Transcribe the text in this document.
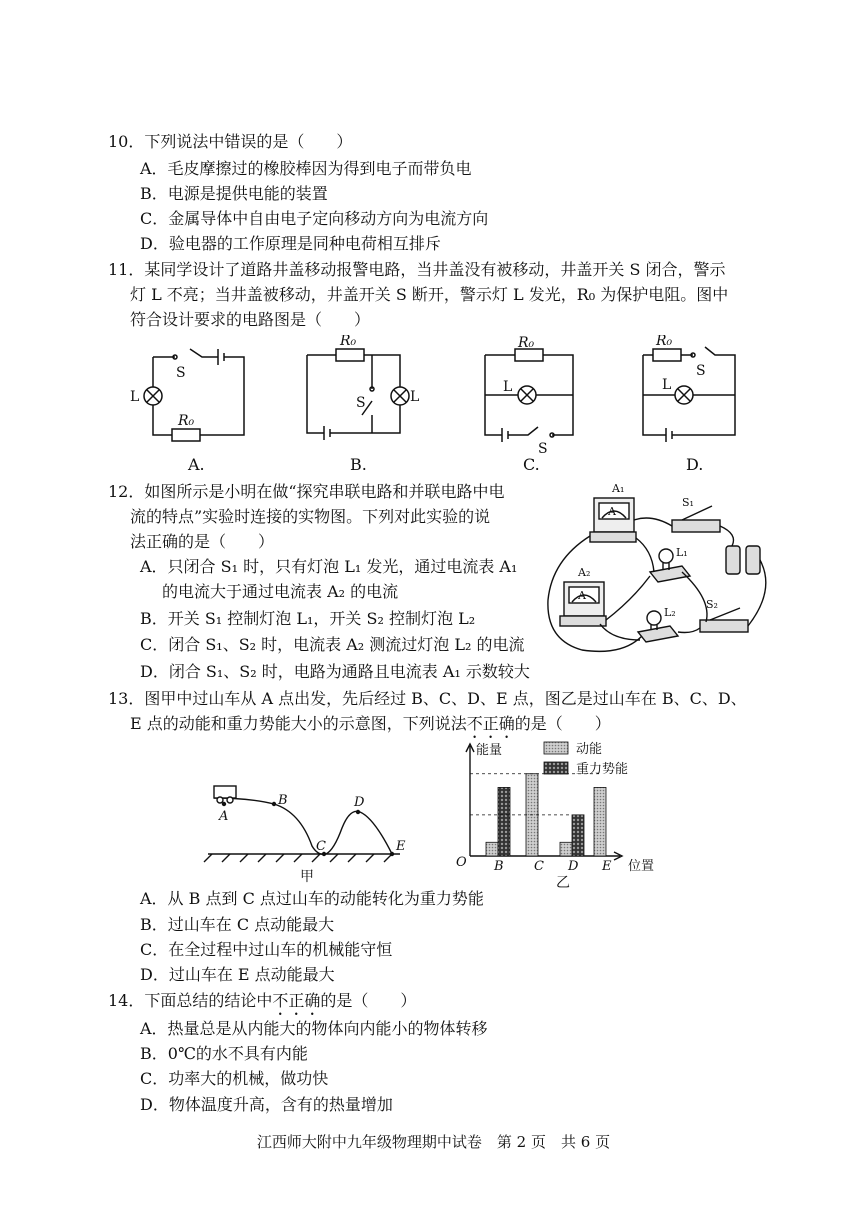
10．下列说法中错误的是（　　）
A．毛皮摩擦过的橡胶棒因为得到电子而带负电
B．电源是提供电能的装置
C．金属导体中自由电子定向移动方向为电流方向
D．验电器的工作原理是同种电荷相互排斥
11．某同学设计了道路井盖移动报警电路，当井盖没有被移动，井盖开关 S 闭合，警示
灯 L 不亮；当井盖被移动，井盖开关 S 断开，警示灯 L 发光，R₀ 为保护电阻。图中
符合设计要求的电路图是（　　）
L
S
R₀
R₀
S	L
R₀
L
S
R₀
S
L
A.	B.	C.	D.
12．如图所示是小明在做“探究串联电路和并联电路中电
流的特点”实验时连接的实物图。下列对此实验的说
法正确的是（　　）
A．只闭合 S₁ 时，只有灯泡 L₁ 发光，通过电流表 A₁
的电流大于通过电流表 A₂ 的电流
B．开关 S₁ 控制灯泡 L₁，开关 S₂ 控制灯泡 L₂
C．闭合 S₁、S₂ 时，电流表 A₂ 测流过灯泡 L₂ 的电流
D．闭合 S₁、S₂ 时，电路为通路且电流表 A₁ 示数较大
A
A
A₁
A₂
S₁
L₁
L₂
S₂
13．图甲中过山车从 A 点出发，先后经过 B、C、D、E 点，图乙是过山车在 B、C、D、
E 点的动能和重力势能大小的示意图，下列说法不正确的是（　　）
A
B
C
D
E
甲
能量
位置
O
动能
重力势能
B C D E
乙
A．从 B 点到 C 点过山车的动能转化为重力势能
B．过山车在 C 点动能最大
C．在全过程中过山车的机械能守恒
D．过山车在 E 点动能最大
14．下面总结的结论中不正确的是（　　）
A．热量总是从内能大的物体向内能小的物体转移
B．0℃的水不具有内能
C．功率大的机械，做功快
D．物体温度升高，含有的热量增加
江西师大附中九年级物理期中试卷　第 2 页　共 6 页
